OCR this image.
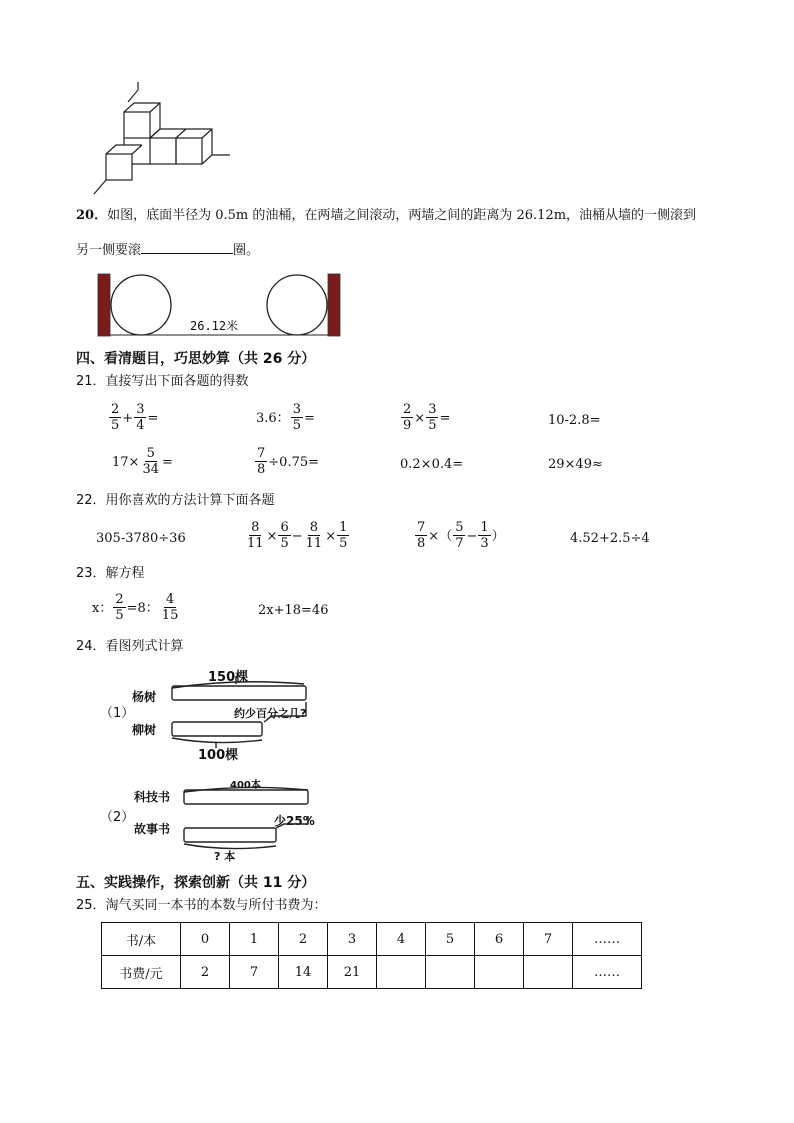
20．如图，底面半径为 0.5m 的油桶，在两墙之间滚动，两墙之间的距离为 26.12m，油桶从墙的一侧滚到
另一侧要滚	圈。
26.12米
四、看清题目，巧思妙算（共 26 分）
21．直接写出下面各题的得数
$\frac{2}{5} + \frac{3}{4}$ =	3.6： $\frac{3}{5}$ =	$\frac{2}{9} \times \frac{3}{5}$ =	10-2.8=
$17\times \frac{5}{34}$ =	$\frac{7}{8} \div 0.75=$	0.2×0.4=	29×49≈
22．用你喜欢的方法计算下面各题
305-3780÷36	$\frac{8}{11} \times \frac{6}{5} - \frac{8}{11} \times \frac{1}{5}$	$\frac{7}{8}$ ×（ $\frac{5}{7} - \frac{1}{3}$ ）	4.52+2.5÷4
23．解方程
x： $\frac{2}{5} =8$： $\frac{4}{15}$	2x+18=46
24．看图列式计算
（1）
150棵
杨树
柳树
约少百分之几?
100棵
（2）
400本
科技书
故事书
少25%
? 本
五、实践操作，探索创新（共 11 分）
25．淘气买同一本书的本数与所付书费为：
书/本	0	1	2	3	4	5	6	7	……
书费/元	2	7	14	21					……
